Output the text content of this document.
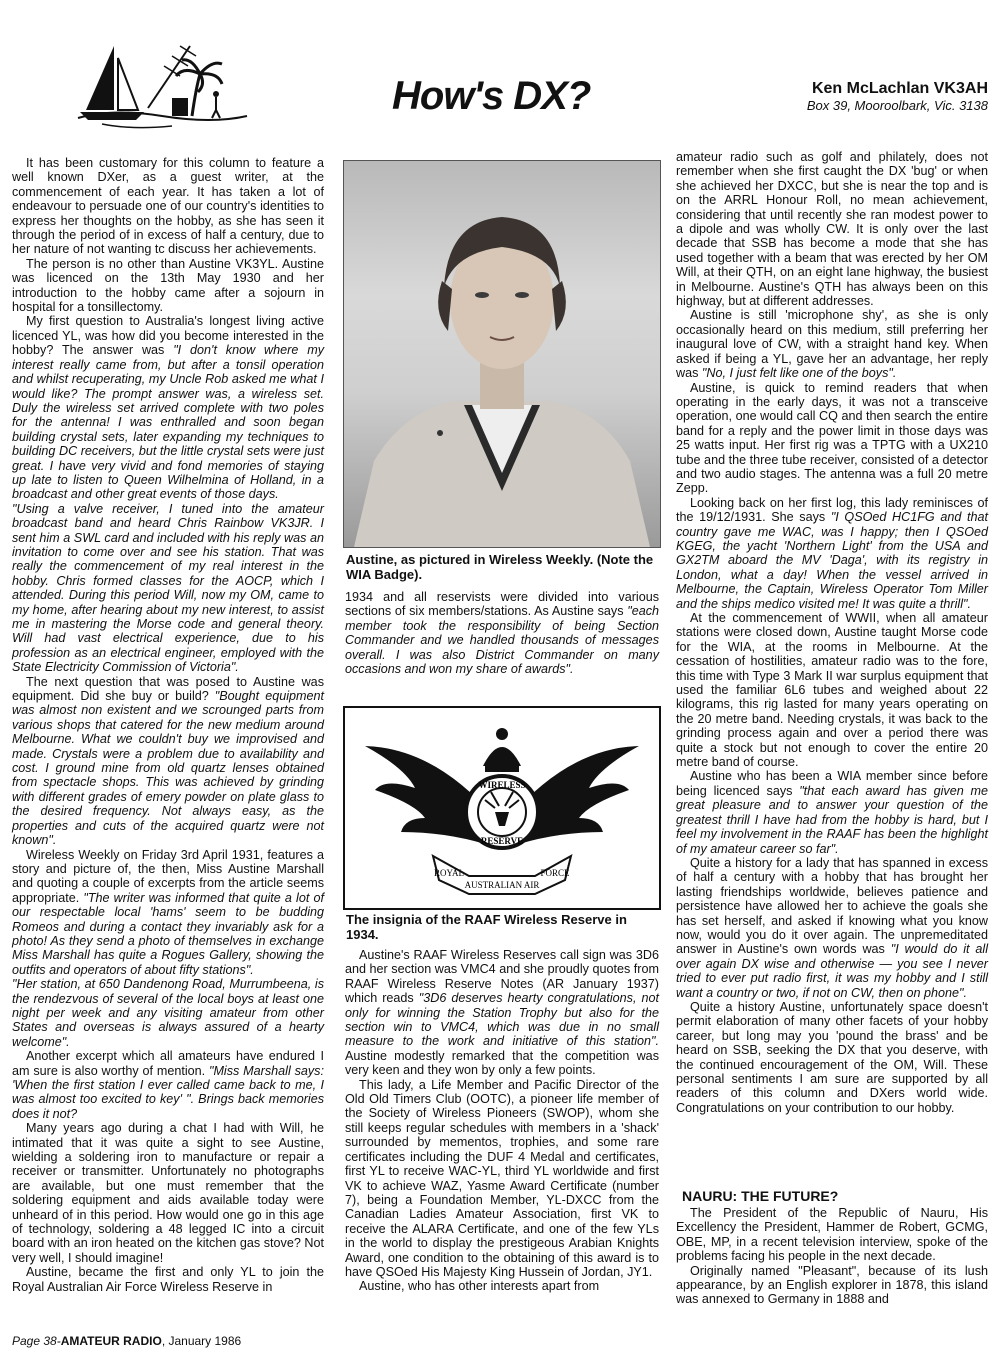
How's DX?	Ken McLachlan VK3AH
Box 39, Mooroolbark, Vic. 3138

It has been customary for this column to feature a well known DXer, as a guest writer, at the commencement of each year. It has taken a lot of endeavour to persuade one of our country's identities to express her thoughts on the hobby, as she has seen it through the period of in excess of half a century, due to her nature of not wanting tc discuss her achievements.

The person is no other than Austine VK3YL. Austine was licenced on the 13th May 1930 and her introduction to the hobby came after a sojourn in hospital for a tonsillectomy.

My first question to Australia's longest living active licenced YL, was how did you become interested in the hobby? The answer was "I don't know where my interest really came from, but after a tonsil operation and whilst recuperating, my Uncle Rob asked me what I would like? The prompt answer was, a wireless set. Duly the wireless set arrived complete with two poles for the antenna! I was enthralled and soon began building crystal sets, later expanding my techniques to building DC receivers, but the little crystal sets were just great. I have very vivid and fond memories of staying up late to listen to Queen Wilhelmina of Holland, in a broadcast and other great events of those days.

"Using a valve receiver, I tuned into the amateur broadcast band and heard Chris Rainbow VK3JR. I sent him a SWL card and included with his reply was an invitation to come over and see his station. That was really the commencement of my real interest in the hobby. Chris formed classes for the AOCP, which I attended. During this period Will, now my OM, came to my home, after hearing about my new interest, to assist me in mastering the Morse code and general theory. Will had vast electrical experience, due to his profession as an electrical engineer, employed with the State Electricity Commission of Victoria".

The next question that was posed to Austine was equipment. Did she buy or build? "Bought equipment was almost non existent and we scrounged parts from various shops that catered for the new medium around Melbourne. What we couldn't buy we improvised and made. Crystals were a problem due to availability and cost. I ground mine from old quartz lenses obtained from spectacle shops. This was achieved by grinding with different grades of emery powder on plate glass to the desired frequency. Not always easy, as the properties and cuts of the acquired quartz were not known".

Wireless Weekly on Friday 3rd April 1931, features a story and picture of, the then, Miss Austine Marshall and quoting a couple of excerpts from the article seems appropriate. "The writer was informed that quite a lot of our respectable local 'hams' seem to be budding Romeos and during a contact they invariably ask for a photo! As they send a photo of themselves in exchange Miss Marshall has quite a Rogues Gallery, showing the outfits and operators of about fifty stations".

"Her station, at 650 Dandenong Road, Murrumbeena, is the rendezvous of several of the local boys at least one night per week and any visiting amateur from other States and overseas is always assured of a hearty welcome".

Another excerpt which all amateurs have endured I am sure is also worthy of mention. "Miss Marshall says: 'When the first station I ever called came back to me, I was almost too excited to key' ". Brings back memories does it not?

Many years ago during a chat I had with Will, he intimated that it was quite a sight to see Austine, wielding a soldering iron to manufacture or repair a receiver or transmitter. Unfortunately no photographs are available, but one must remember that the soldering equipment and aids available today were unheard of in this period. How would one go in this age of technology, soldering a 48 legged IC into a circuit board with an iron heated on the kitchen gas stove? Not very well, I should imagine!

Austine, became the first and only YL to join the Royal Australian Air Force Wireless Reserve in

Austine, as pictured in Wireless Weekly. (Note the WIA Badge).

1934 and all reservists were divided into various sections of six members/stations. As Austine says "each member took the responsibility of being Section Commander and we handled thousands of messages overall. I was also District Commander on many occasions and won my share of awards".

WIRELESS
RESERVE
ROYAL	FORCE
AUSTRALIAN AIR
The insignia of the RAAF Wireless Reserve in 1934.

Austine's RAAF Wireless Reserves call sign was 3D6 and her section was VMC4 and she proudly quotes from RAAF Wireless Reserve Notes (AR January 1937) which reads "3D6 deserves hearty congratulations, not only for winning the Station Trophy but also for the section win to VMC4, which was due in no small measure to the work and initiative of this station". Austine modestly remarked that the competition was very keen and they won by only a few points.

This lady, a Life Member and Pacific Director of the Old Old Timers Club (OOTC), a pioneer life member of the Society of Wireless Pioneers (SWOP), whom she still keeps regular schedules with members in a 'shack' surrounded by mementos, trophies, and some rare certificates including the DUF 4 Medal and certificates, first YL to receive WAC-YL, third YL worldwide and first VK to achieve WAZ, Yasme Award Certificate (number 7), being a Foundation Member, YL-DXCC from the Canadian Ladies Amateur Association, first VK to receive the ALARA Certificate, and one of the few YLs in the world to display the prestigeous Arabian Knights Award, one condition to the obtaining of this award is to have QSOed His Majesty King Hussein of Jordan, JY1.

Austine, who has other interests apart from

amateur radio such as golf and philately, does not remember when she first caught the DX 'bug' or when she achieved her DXCC, but she is near the top and is on the ARRL Honour Roll, no mean achievement, considering that until recently she ran modest power to a dipole and was wholly CW. It is only over the last decade that SSB has become a mode that she has used together with a beam that was erected by her OM Will, at their QTH, on an eight lane highway, the busiest in Melbourne. Austine's QTH has always been on this highway, but at different addresses.

Austine is still 'microphone shy', as she is only occasionally heard on this medium, still preferring her inaugural love of CW, with a straight hand key. When asked if being a YL, gave her an advantage, her reply was "No, I just felt like one of the boys".

Austine, is quick to remind readers that when operating in the early days, it was not a transceive operation, one would call CQ and then search the entire band for a reply and the power limit in those days was 25 watts input. Her first rig was a TPTG with a UX210 tube and the three tube receiver, consisted of a detector and two audio stages. The antenna was a full 20 metre Zepp.

Looking back on her first log, this lady reminisces of the 19/12/1931. She says "I QSOed HC1FG and that country gave me WAC, was I happy; then I QSOed KGEG, the yacht 'Northern Light' from the USA and GX2TM aboard the MV 'Daga', with its registry in London, what a day! When the vessel arrived in Melbourne, the Captain, Wireless Operator Tom Miller and the ships medico visited me! It was quite a thrill".

At the commencement of WWII, when all amateur stations were closed down, Austine taught Morse code for the WIA, at the rooms in Melbourne. At the cessation of hostilities, amateur radio was to the fore, this time with Type 3 Mark II war surplus equipment that used the familiar 6L6 tubes and weighed about 22 kilograms, this rig lasted for many years operating on the 20 metre band. Needing crystals, it was back to the grinding process again and over a period there was quite a stock but not enough to cover the entire 20 metre band of course.

Austine who has been a WIA member since before being licenced says "that each award has given me great pleasure and to answer your question of the greatest thrill I have had from the hobby is hard, but I feel my involvement in the RAAF has been the highlight of my amateur career so far".

Quite a history for a lady that has spanned in excess of half a century with a hobby that has brought her lasting friendships worldwide, believes patience and persistence have allowed her to achieve the goals she has set herself, and asked if knowing what you know now, would you do it over again. The unpremeditated answer in Austine's own words was "I would do it all over again DX wise and otherwise — you see I never tried to ever put radio first, it was my hobby and I still want a country or two, if not on CW, then on phone".

Quite a history Austine, unfortunately space doesn't permit elaboration of many other facets of your hobby career, but long may you 'pound the brass' and be heard on SSB, seeking the DX that you deserve, with the continued encouragement of the OM, Will. These personal sentiments I am sure are supported by all readers of this column and DXers world wide. Congratulations on your contribution to our hobby.

NAURU: THE FUTURE?

The President of the Republic of Nauru, His Excellency the President, Hammer de Robert, GCMG, OBE, MP, in a recent television interview, spoke of the problems facing his people in the next decade.

Originally named "Pleasant", because of its lush appearance, by an English explorer in 1878, this island was annexed to Germany in 1888 and

Page 38-AMATEUR RADIO, January 1986
